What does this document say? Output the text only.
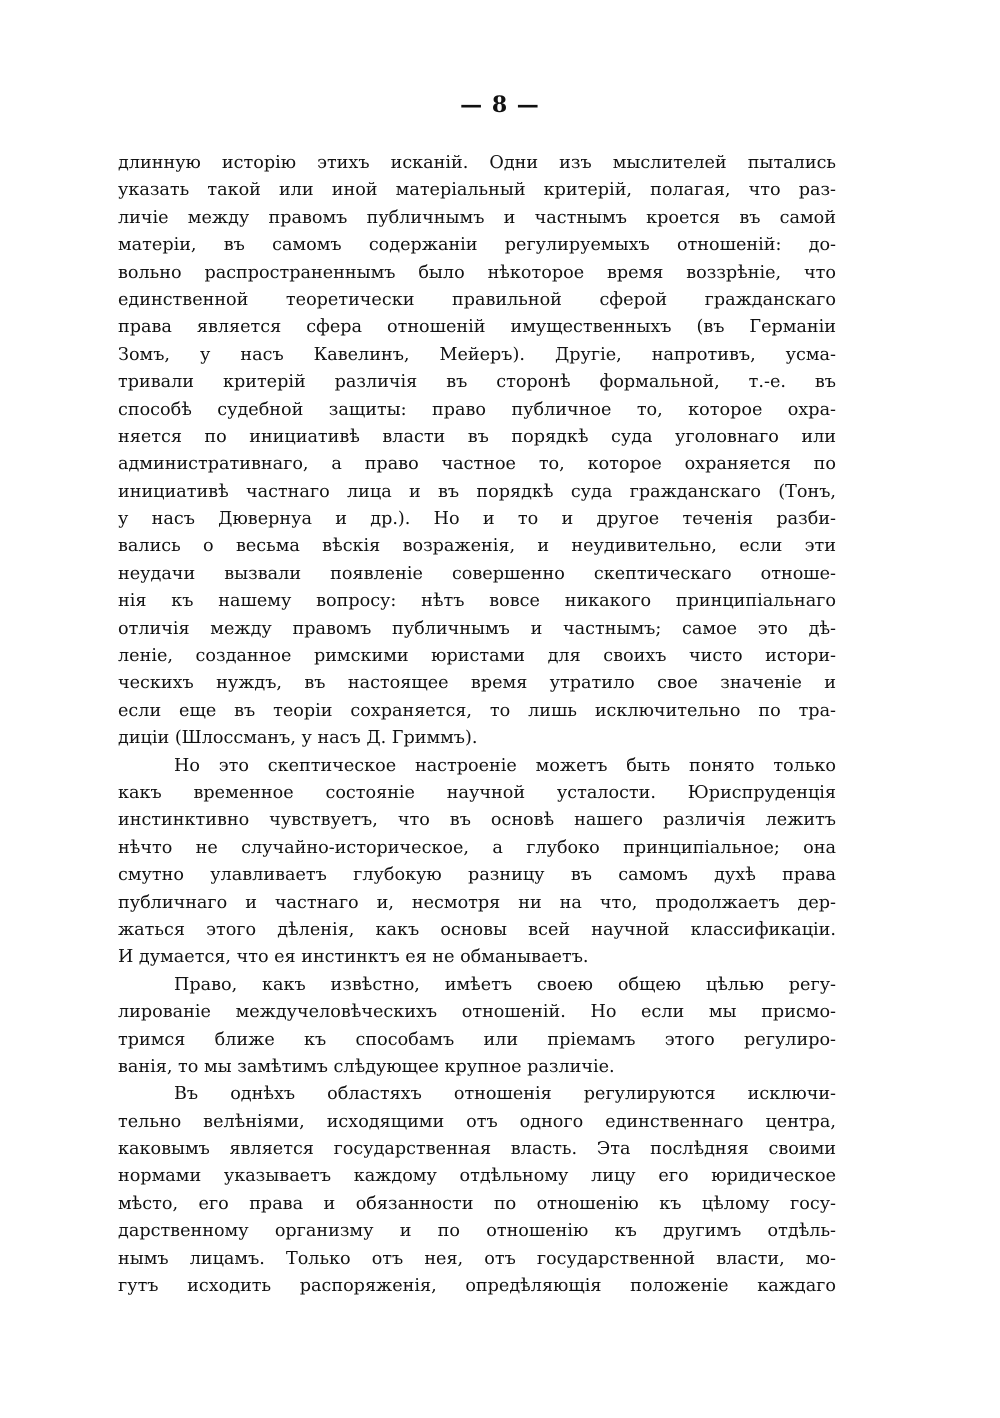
— 8 —
длинную исторію этихъ исканій. Одни изъ мыслителей пытались
указать такой или иной матеріальный критерій, полагая, что раз-
личіе между правомъ публичнымъ и частнымъ кроется въ самой
матеріи, въ самомъ содержаніи регулируемыхъ отношеній: до-
вольно распространеннымъ было нѣкоторое время воззрѣніе, что
единственной теоретически правильной сферой гражданскаго
права является сфера отношеній имущественныхъ (въ Германіи
Зомъ, у насъ Кавелинъ, Мейеръ). Другіе, напротивъ, усма-
тривали критерій различія въ сторонѣ формальной, т.-е. въ
способѣ судебной защиты: право публичное то, которое охра-
няется по инициативѣ власти въ порядкѣ суда уголовнаго или
административнаго, а право частное то, которое охраняется по
инициативѣ частнаго лица и въ порядкѣ суда гражданскаго (Тонъ,
у насъ Дювернуа и др.). Но и то и другое теченія разби-
вались о весьма вѣскія возраженія, и неудивительно, если эти
неудачи вызвали появленіе совершенно скептическаго отноше-
нія къ нашему вопросу: нѣтъ вовсе никакого принципіальнаго
отличія между правомъ публичнымъ и частнымъ; самое это дѣ-
леніе, созданное римскими юристами для своихъ чисто истори-
ческихъ нуждъ, въ настоящее время утратило свое значеніе и
если еще въ теоріи сохраняется, то лишь исключительно по тра-
диціи (Шлоссманъ, у насъ Д. Гриммъ).
Но это скептическое настроеніе можетъ быть понято только
какъ временное состояніе научной усталости. Юриспруденція
инстинктивно чувствуетъ, что въ основѣ нашего различія лежитъ
нѣчто не случайно-историческое, а глубоко принципіальное; она
смутно улавливаетъ глубокую разницу въ самомъ духѣ права
публичнаго и частнаго и, несмотря ни на что, продолжаетъ дер-
жаться этого дѣленія, какъ основы всей научной классификаціи.
И думается, что ея инстинктъ ея не обманываетъ.
Право, какъ извѣстно, имѣетъ своею общею цѣлью регу-
лированіе междучеловѣческихъ отношеній. Но если мы присмо-
тримся ближе къ способамъ или пріемамъ этого регулиро-
ванія, то мы замѣтимъ слѣдующее крупное различіе.
Въ однѣхъ областяхъ отношенія регулируются исключи-
тельно велѣніями, исходящими отъ одного единственнаго центра,
каковымъ является государственная власть. Эта послѣдняя своими
нормами указываетъ каждому отдѣльному лицу его юридическое
мѣсто, его права и обязанности по отношенію къ цѣлому госу-
дарственному организму и по отношенію къ другимъ отдѣль-
нымъ лицамъ. Только отъ нея, отъ государственной власти, мо-
гутъ исходить распоряженія, опредѣляющія положеніе каждаго
